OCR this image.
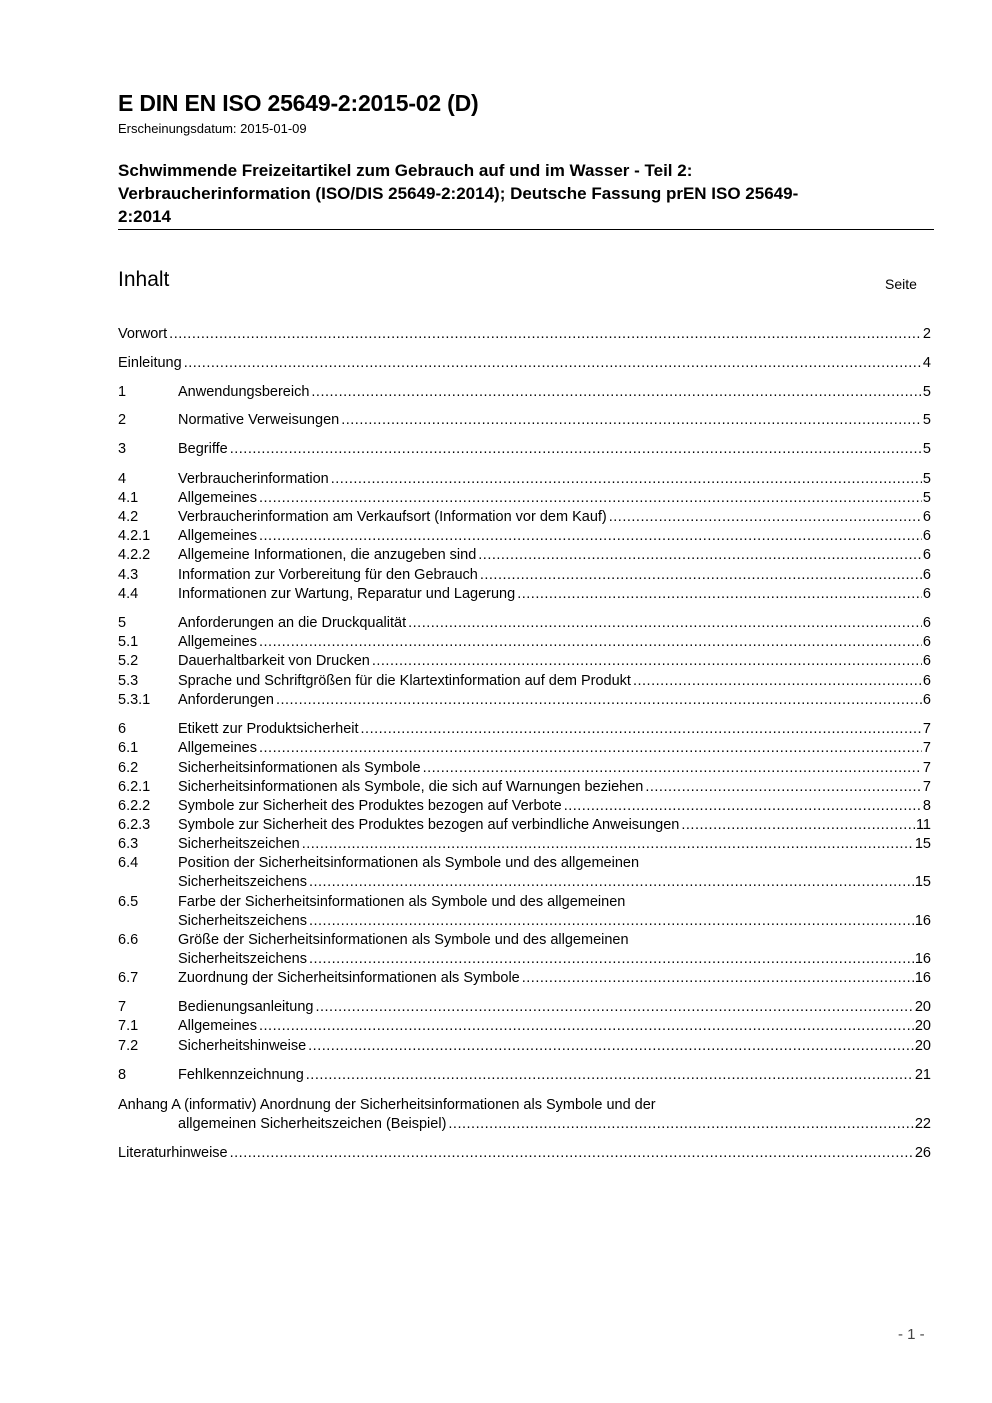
E DIN EN ISO 25649-2:2015-02 (D)
Erscheinungsdatum: 2015-01-09
Schwimmende Freizeitartikel zum Gebrauch auf und im Wasser - Teil 2:
Verbraucherinformation (ISO/DIS 25649-2:2014); Deutsche Fassung prEN ISO 25649-
2:2014
Inhalt	Seite
Vorwort .....	2
Einleitung .....	4
1	Anwendungsbereich .....	5
2	Normative Verweisungen .....	5
3	Begriffe .....	5
4	Verbraucherinformation .....	5
4.1	Allgemeines .....	5
4.2	Verbraucherinformation am Verkaufsort (Information vor dem Kauf) .....	6
4.2.1 Allgemeines .....	6
4.2.2 Allgemeine Informationen, die anzugeben sind .....	6
4.3	Information zur Vorbereitung für den Gebrauch .....	6
4.4	Informationen zur Wartung, Reparatur und Lagerung .....	6
5	Anforderungen an die Druckqualität .....	6
5.1	Allgemeines .....	6
5.2	Dauerhaltbarkeit von Drucken .....	6
5.3	Sprache und Schriftgrößen für die Klartextinformation auf dem Produkt .....	6
5.3.1 Anforderungen .....	6
6	Etikett zur Produktsicherheit .....	7
6.1	Allgemeines .....	7
6.2	Sicherheitsinformationen als Symbole .....	7
6.2.1 Sicherheitsinformationen als Symbole, die sich auf Warnungen beziehen .....	7
6.2.2 Symbole zur Sicherheit des Produktes bezogen auf Verbote .....	8
6.2.3 Symbole zur Sicherheit des Produktes bezogen auf verbindliche Anweisungen .....	11
6.3	Sicherheitszeichen .....	15
6.4	Position der Sicherheitsinformationen als Symbole und des allgemeinen
Sicherheitszeichens .....	15
6.5	Farbe der Sicherheitsinformationen als Symbole und des allgemeinen
Sicherheitszeichens .....	16
6.6	Größe der Sicherheitsinformationen als Symbole und des allgemeinen
Sicherheitszeichens .....	16
6.7	Zuordnung der Sicherheitsinformationen als Symbole .....	16
7	Bedienungsanleitung .....	20
7.1	Allgemeines .....	20
7.2	Sicherheitshinweise .....	20
8	Fehlkennzeichnung .....	21
Anhang A (informativ) Anordnung der Sicherheitsinformationen als Symbole und der
allgemeinen Sicherheitszeichen (Beispiel) .....	22
Literaturhinweise .....	26
- 1 -
